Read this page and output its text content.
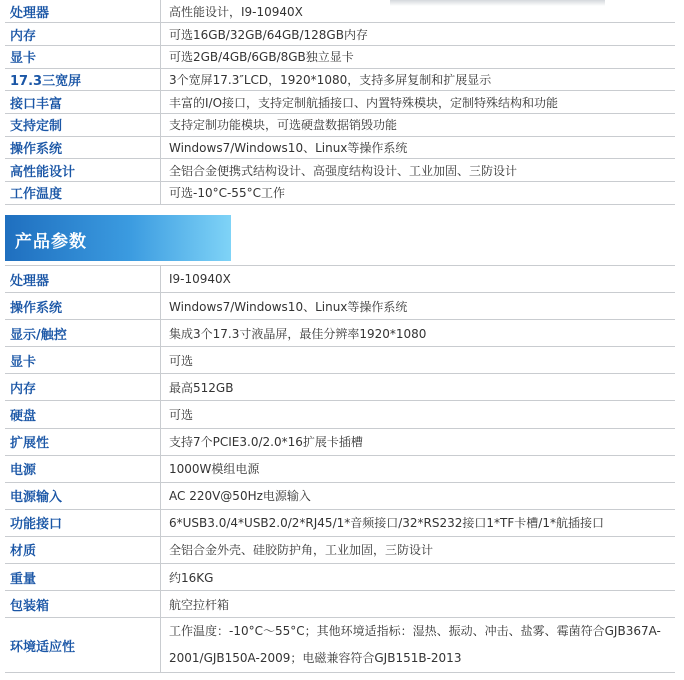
处理器	高性能设计，I9-10940X
内存	可选16GB/32GB/64GB/128GB内存
显卡	可选2GB/4GB/6GB/8GB独立显卡
17.3三宽屏	3个宽屏17.3″LCD，1920*1080，支持多屏复制和扩展显示
接口丰富	丰富的I/O接口，支持定制航插接口、内置特殊模块，定制特殊结构和功能
支持定制	支持定制功能模块，可选硬盘数据销毁功能
操作系统	Windows7/Windows10、Linux等操作系统
高性能设计	全铝合金便携式结构设计、高强度结构设计、工业加固、三防设计
工作温度	可选-10°C-55°C工作
产品参数
处理器	I9-10940X
操作系统	Windows7/Windows10、Linux等操作系统
显示/触控	集成3个17.3寸液晶屏，最佳分辨率1920*1080
显卡	可选
内存	最高512GB
硬盘	可选
扩展性	支持7个PCIE3.0/2.0*16扩展卡插槽
电源	1000W模组电源
电源输入	AC 220V@50Hz电源输入
功能接口	6*USB3.0/4*USB2.0/2*RJ45/1*音频接口/32*RS232接口1*TF卡槽/1*航插接口
材质	全铝合金外壳、硅胶防护角，工业加固，三防设计
重量	约16KG
包装箱	航空拉杆箱
环境适应性	工作温度：-10°C～55°C；其他环境适指标：湿热、振动、冲击、盐雾、霉菌符合GJB367A-2001/GJB150A-2009；电磁兼容符合GJB151B-2013
